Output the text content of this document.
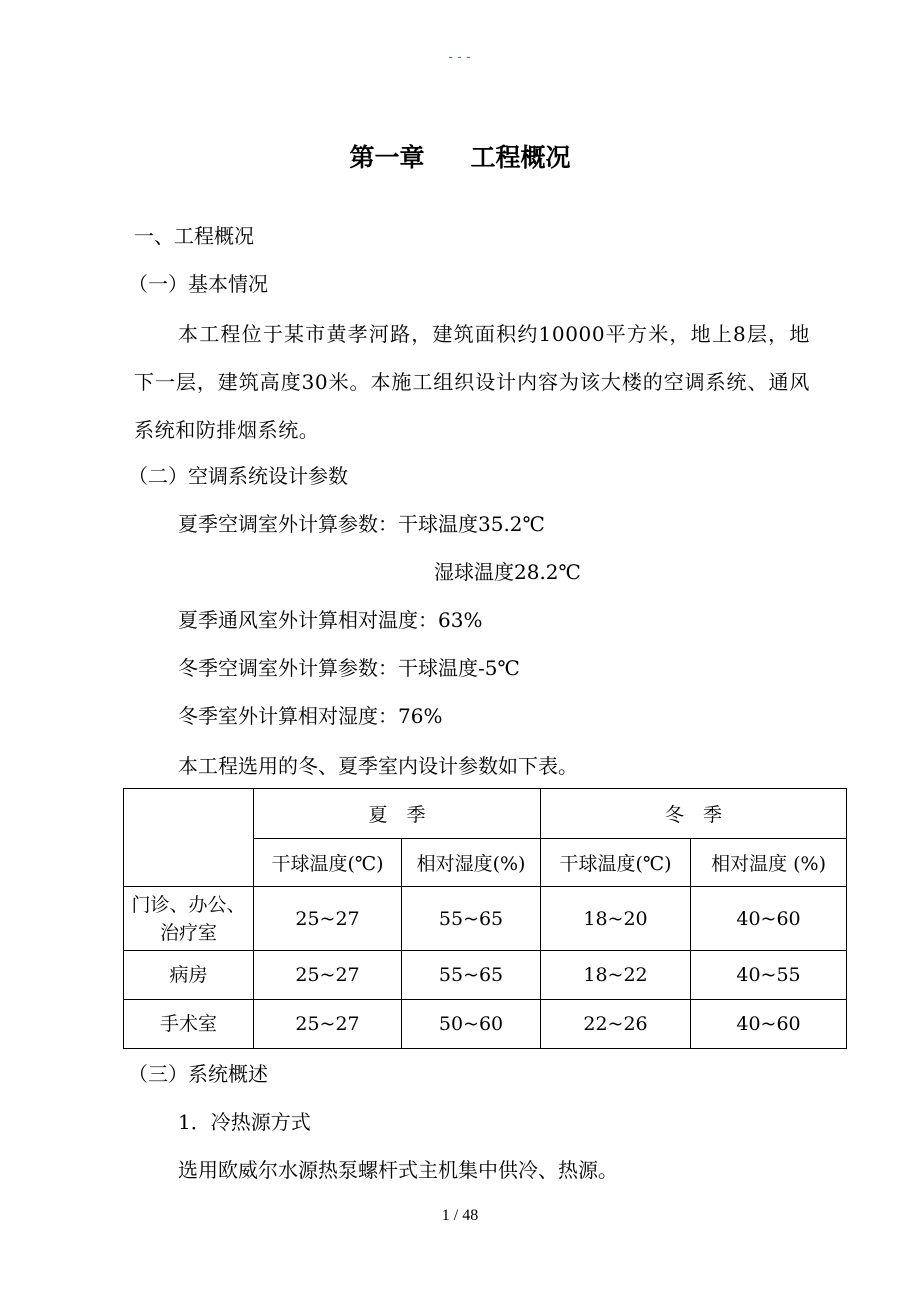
---
第一章 工程概况
一、工程概况
（一）基本情况
本工程位于某市黄孝河路，建筑面积约10000平方米，地上8层，地下一层，建筑高度30米。本施工组织设计内容为该大楼的空调系统、通风系统和防排烟系统。
（二）空调系统设计参数
夏季空调室外计算参数：干球温度35.2℃
湿球温度28.2℃
夏季通风室外计算相对温度：63%
冬季空调室外计算参数：干球温度-5℃
冬季室外计算相对湿度：76%
本工程选用的冬、夏季室内设计参数如下表。
	夏　季		冬　季	
	干球温度(℃)	相对湿度(%)	干球温度(℃)	相对温度 (%)
门诊、办公、治疗室	25~27	55~65	18~20	40~60
病房	25~27	55~65	18~22	40~55
手术室	25~27	50~60	22~26	40~60
（三）系统概述
1．冷热源方式
选用欧威尔水源热泵螺杆式主机集中供冷、热源。
1 / 48
